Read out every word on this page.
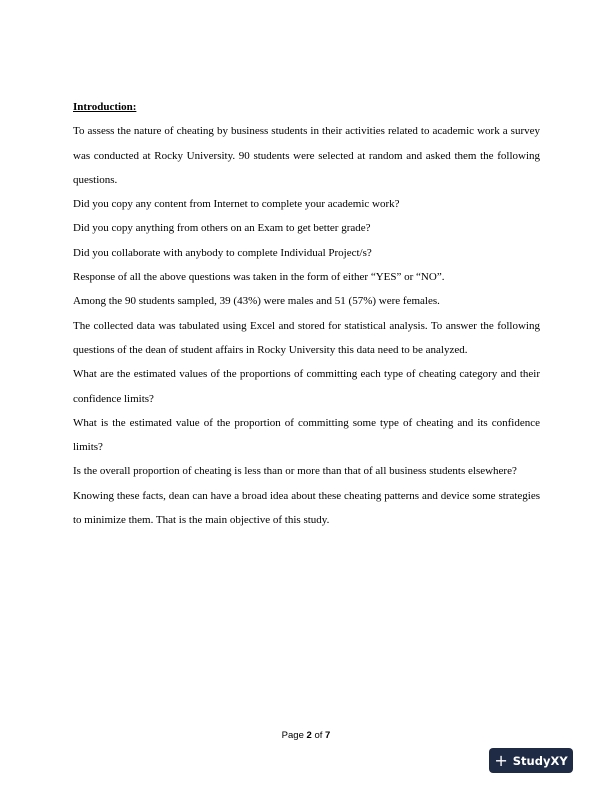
Introduction:

To assess the nature of cheating by business students in their activities related to academic work a survey was conducted at Rocky University. 90 students were selected at random and asked them the following questions.

Did you copy any content from Internet to complete your academic work?

Did you copy anything from others on an Exam to get better grade?

Did you collaborate with anybody to complete Individual Project/s?

Response of all the above questions was taken in the form of either “YES” or “NO”.

Among the 90 students sampled, 39 (43%) were males and 51 (57%) were females.

The collected data was tabulated using Excel and stored for statistical analysis. To answer the following questions of the dean of student affairs in Rocky University this data need to be analyzed.

What are the estimated values of the proportions of committing each type of cheating category and their confidence limits?

What is the estimated value of the proportion of committing some type of cheating and its confidence limits?

Is the overall proportion of cheating is less than or more than that of all business students elsewhere?

Knowing these facts, dean can have a broad idea about these cheating patterns and device some strategies to minimize them. That is the main objective of this study.

Page 2 of 7
+ Study XY
